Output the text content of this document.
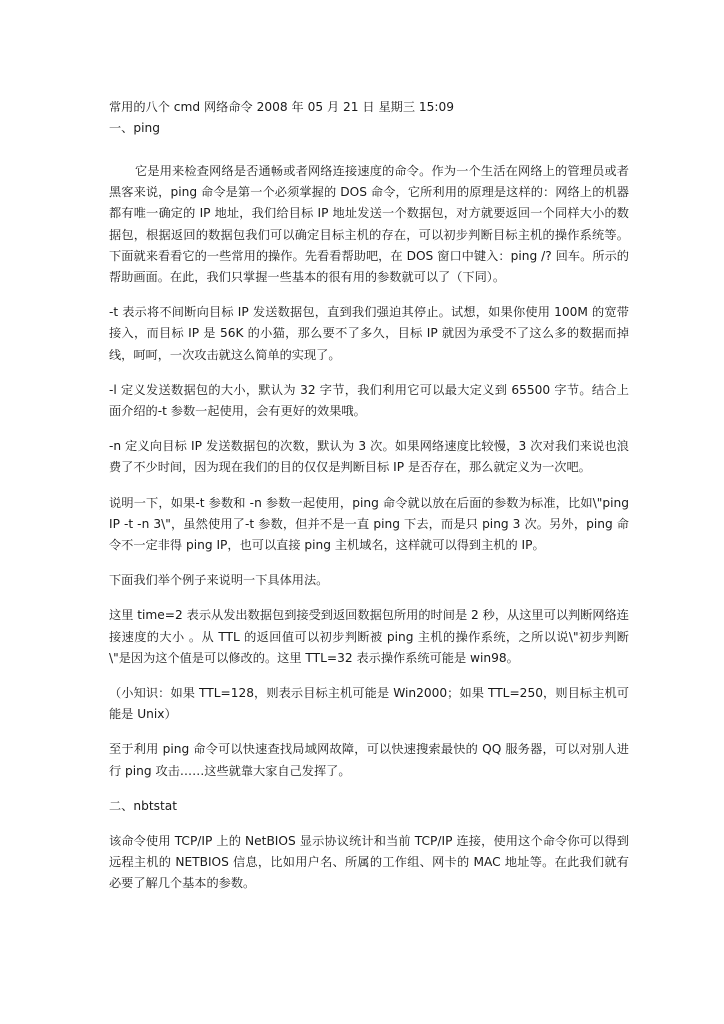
常用的八个 cmd 网络命令 2008 年 05 月 21 日 星期三 15:09
一、ping

它是用来检查网络是否通畅或者网络连接速度的命令。作为一个生活在网络上的管理员或者黑客来说，ping 命令是第一个必须掌握的 DOS 命令，它所利用的原理是这样的：网络上的机器都有唯一确定的 IP 地址，我们给目标 IP 地址发送一个数据包，对方就要返回一个同样大小的数据包，根据返回的数据包我们可以确定目标主机的存在，可以初步判断目标主机的操作系统等。下面就来看看它的一些常用的操作。先看看帮助吧，在 DOS 窗口中键入：ping /? 回车。所示的帮助画面。在此，我们只掌握一些基本的很有用的参数就可以了（下同）。

-t 表示将不间断向目标 IP 发送数据包，直到我们强迫其停止。试想，如果你使用 100M 的宽带接入，而目标 IP 是 56K 的小猫，那么要不了多久，目标 IP 就因为承受不了这么多的数据而掉线，呵呵，一次攻击就这么简单的实现了。

-l 定义发送数据包的大小，默认为 32 字节，我们利用它可以最大定义到 65500 字节。结合上面介绍的-t 参数一起使用，会有更好的效果哦。

-n 定义向目标 IP 发送数据包的次数，默认为 3 次。如果网络速度比较慢，3 次对我们来说也浪费了不少时间，因为现在我们的目的仅仅是判断目标 IP 是否存在，那么就定义为一次吧。

说明一下，如果-t 参数和 -n 参数一起使用，ping 命令就以放在后面的参数为标准，比如\"ping IP -t -n 3\"，虽然使用了-t 参数，但并不是一直 ping 下去，而是只 ping 3 次。另外，ping 命令不一定非得 ping IP，也可以直接 ping 主机域名，这样就可以得到主机的 IP。

下面我们举个例子来说明一下具体用法。

这里 time=2 表示从发出数据包到接受到返回数据包所用的时间是 2 秒，从这里可以判断网络连接速度的大小 。从 TTL 的返回值可以初步判断被 ping 主机的操作系统，之所以说\"初步判断\"是因为这个值是可以修改的。这里 TTL=32 表示操作系统可能是 win98。

（小知识：如果 TTL=128，则表示目标主机可能是 Win2000；如果 TTL=250，则目标主机可能是 Unix）

至于利用 ping 命令可以快速查找局域网故障，可以快速搜索最快的 QQ 服务器，可以对别人进行 ping 攻击……这些就靠大家自己发挥了。

二、nbtstat

该命令使用 TCP/IP 上的 NetBIOS 显示协议统计和当前 TCP/IP 连接，使用这个命令你可以得到远程主机的 NETBIOS 信息，比如用户名、所属的工作组、网卡的 MAC 地址等。在此我们就有必要了解几个基本的参数。
